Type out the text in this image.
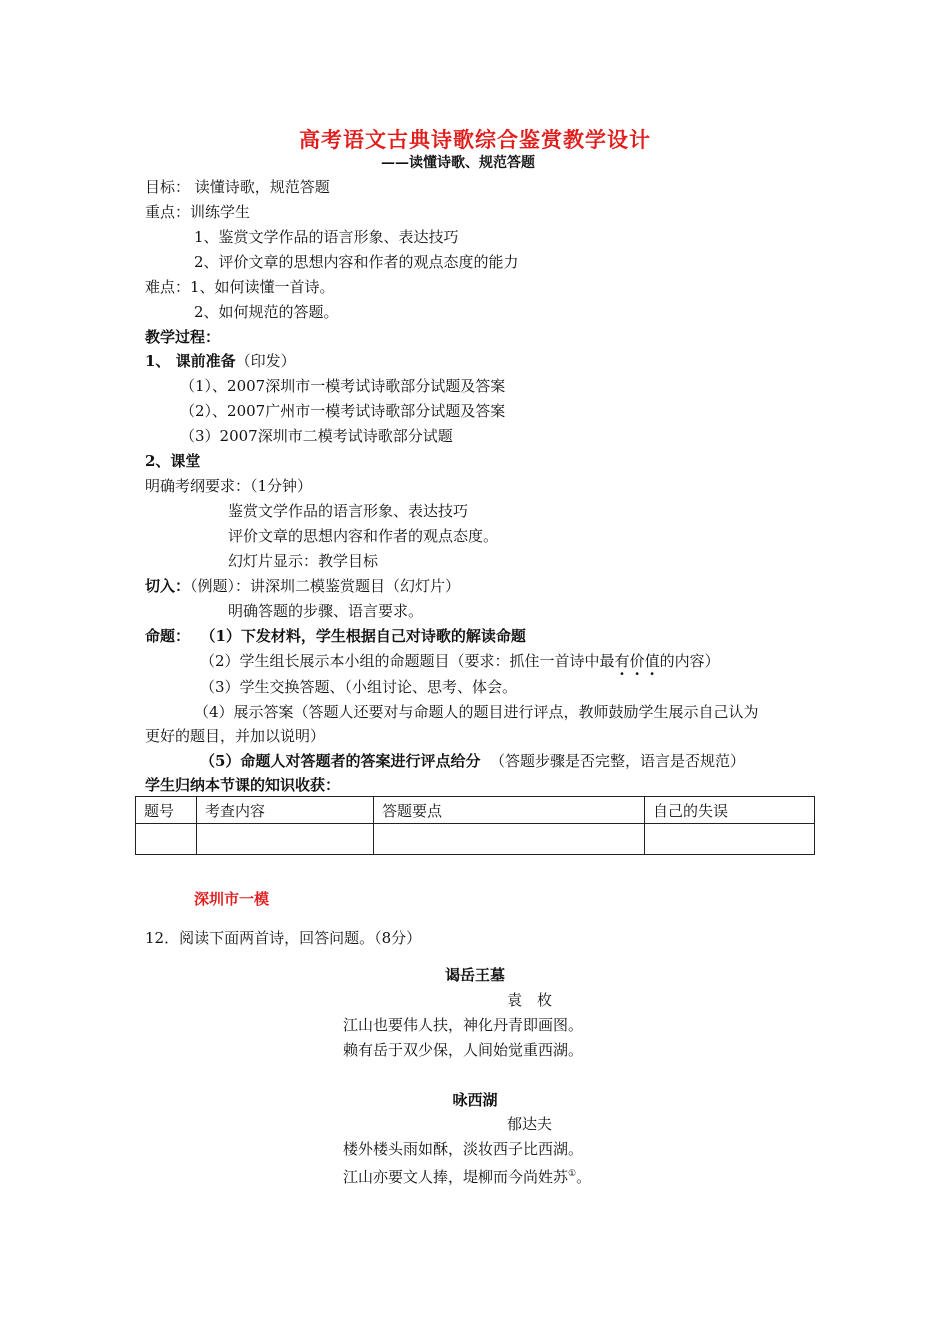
高考语文古典诗歌综合鉴赏教学设计
——读懂诗歌、规范答题
目标： 读懂诗歌，规范答题
重点：训练学生
1、鉴赏文学作品的语言形象、表达技巧
2、评价文章的思想内容和作者的观点态度的能力
难点：1、如何读懂一首诗。
2、如何规范的答题。
教学过程：
1、 课前准备（印发）
（1）、2007深圳市一模考试诗歌部分试题及答案
（2）、2007广州市一模考试诗歌部分试题及答案
（3）2007深圳市二模考试诗歌部分试题
2、课堂
明确考纲要求：（1分钟）
鉴赏文学作品的语言形象、表达技巧
评价文章的思想内容和作者的观点态度。
幻灯片显示：教学目标
切入：（例题）：讲深圳二模鉴赏题目（幻灯片）
明确答题的步骤、语言要求。
命题： （1）下发材料，学生根据自己对诗歌的解读命题
（2）学生组长展示本小组的命题题目（要求：抓住一首诗中最有价值的内容）
（3）学生交换答题、（小组讨论、思考、体会。
（4）展示答案（答题人还要对与命题人的题目进行评点，教师鼓励学生展示自己认为
更好的题目，并加以说明）
（5）命题人对答题者的答案进行评点给分 （答题步骤是否完整，语言是否规范）
学生归纳本节课的知识收获：
题号	考查内容	答题要点	自己的失误

深圳市一模
12．阅读下面两首诗，回答问题。（8分）
谒岳王墓
袁　枚
江山也要伟人扶，神化丹青即画图。
赖有岳于双少保，人间始觉重西湖。
咏西湖
郁达夫
楼外楼头雨如酥，淡妆西子比西湖。
江山亦要文人捧，堤柳而今尚姓苏①。
